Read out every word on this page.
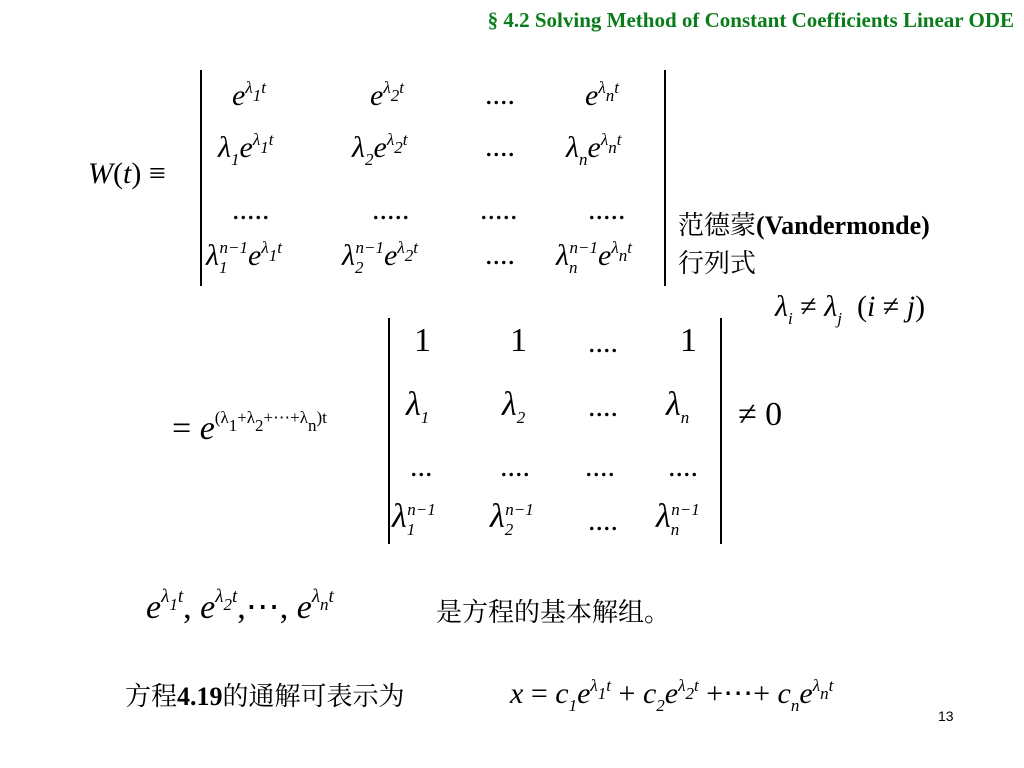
§ 4.2 Solving Method of Constant Coefficients Linear ODE
W(t) ≡
$e^{\lambda_1t}$	$e^{\lambda_2t}$	.... $e^{\lambda_nt}$
$\lambda_1e^{\lambda_1t}$	$\lambda_2e^{\lambda_2t}$	.... $\lambda_ne^{\lambda_nt}$
.....	..... ..... .....
$\lambda_1^{n-1}e^{\lambda_1t}$ $\lambda_2^{n-1}e^{\lambda_2t}$ .... $\lambda_n^{n-1}e^{\lambda_nt}$
范德蒙(Vandermonde)
行列式
$\lambda_i \ne \lambda_j$ (i ≠ j)
= $e^{(\lambda_1+\lambda_2+\cdots+\lambda_n)t}$
1 1 .... 1
$\lambda_1$ $\lambda_2$ .... $\lambda_n$
... .... .... ....
$\lambda_1^{n-1}$ $\lambda_2^{n-1}$ .... $\lambda_n^{n-1}$
≠ 0
$e^{\lambda_1t}$, $e^{\lambda_2t},\cdots$, $e^{\lambda_nt}$
是方程的基本解组。
方程4.19的通解可表示为	$x = c_1e^{\lambda_1t} + c_2e^{\lambda_2t}$ +⋯+ $c_ne^{\lambda_nt}$
13
